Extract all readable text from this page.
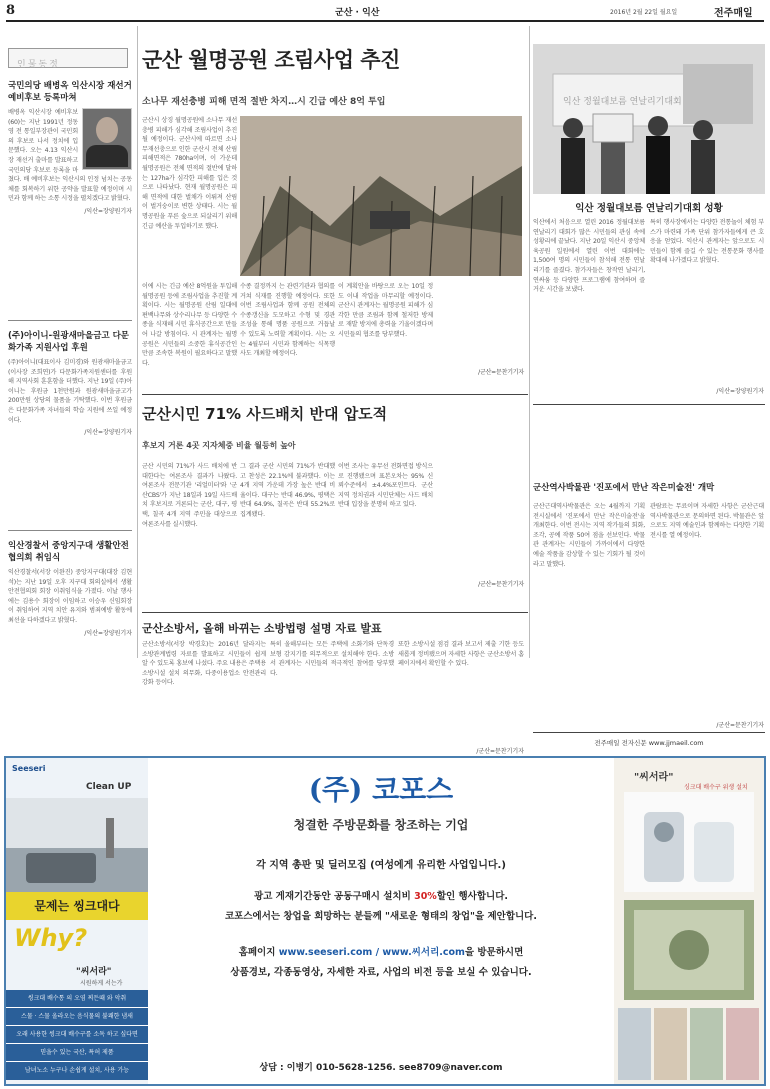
8	군산 · 익산	2016년 2월 22일 월요일	전주매일
인물동정
국민의당 배병옥 익산시장 재선거 예비후보 등록마쳐

배병옥 익산시장 예비후보(60)는 지난 1991년 정동영 전 통일부장관이 국민회의 후보로 나서 정치에 입문했다. 오는 4.13 익산시장 재선거 출마를 발표하고 국민의당 후보로 등록을 마쳤다. 배 예비후보는 익산시의 인정 넘치는 공동체를 회복하기 위한 공약을 발표할 예정이며 시민과 함께 하는 소통 시정을 펼치겠다고 밝혔다.

/익산=장양원기자
(주)아이니-원광새마을금고 다문화가족 지원사업 후원

(주)아이니(대표이사 김미경)와 원광새마을금고(이사장 조희연)가 다문화가족지원센터를 후원해 지역사회 훈훈함을 더했다. 지난 19일 (주)아이니는 후원금 1천만원과 원광새마을금고가 200만원 상당의 물품을 기탁했다. 이번 후원금은 다문화가족 자녀들의 학습 지원에 쓰일 예정이다.

/익산=장양원기자
익산경찰서 중앙지구대 생활안전협의회 취임식

익산경찰서(서장 이완진) 중앙지구대(대장 김현석)는 지난 19일 오후 지구대 회의실에서 생활안전협의회 회장 이취임식을 가졌다. 이날 행사에는 김용수 회장이 이임하고 이승우 신임회장이 취임하여 지역 치안 유지와 범죄예방 활동에 최선을 다하겠다고 밝혔다.

/익산=장양원기자
군산 월명공원 조림사업 추진
소나무 재선충병 피해 면적 절반 차지…시 긴급 예산 8억 투입

군산시 상징 월명공원에 소나무 재선충병 피해가 심각해 조림사업이 추진될 예정이다. 군산시에 따르면 소나무재선충으로 인한 군산시 전체 산림 피해면적은 780ha이며, 이 가운데 월명공원은 전체 면적의 절반에 달하는 127ha가 심각한 피해를 입은 것으로 나타났다. 현재 월명공원은 피해 면적에 대한 벌채가 이뤄져 산림이 벌거숭이로 변한 상태다. 시는 월명공원을 푸른 숲으로 되살리기 위해 긴급 예산을 투입하기로 했다.

이에 시는 긴급 예산 8억원을 투입해 월명공원 등에 조림사업을 추진할 계획이다. 시는 월명공원 산림 일대에 편백나무와 상수리나무 등 다양한 수종을 식재해 시민 휴식공간으로 만들어 나갈 방침이다. 시 관계자는 월명공원은 시민들의 소중한 휴식공간인 만큼 조속한 복원이 필요하다고 말했다.

수종 결정까지 는 관련기관과 협의를 거쳐 식재를 진행할 예정이다. 또한 이번 조림사업과 함께 공원 전체의 수종갱신을 도모하고 수형 및 경관 조성을 통해 명품 공원으로 거듭날 수 있도록 노력할 계획이다. 시는 오는 4월부터 시민과 함께하는 식목행사도 개최할 예정이다.

이 계획안을 바탕으로 오는 10일 정도 이내 작업을 마무리할 예정이다. 군산시 관계자는 월명공원 피해가 심각한 만큼 조림과 함께 철저한 방제로 재발 방지에 총력을 기울이겠다며 시민들의 협조를 당부했다.

/군산=문찬기기자
익산 정월대보름 연날리기대회
익산 정월대보름 연날리기대회 성황

익산에서 처음으로 열린 2016 정월대보름 연날리기 대회가 많은 시민들의 관심 속에 성황리에 끝났다. 지난 20일 익산시 중앙체육공원 일원에서 열린 이번 대회에는 1,500여 명의 시민들이 참석해 전통 연날리기를 즐겼다. 참가자들은 창작연 날리기, 연싸움 등 다양한 프로그램에 참여하며 즐거운 시간을 보냈다.

특히 행사장에서는 다양한 전통놀이 체험 부스가 마련돼 가족 단위 참가자들에게 큰 호응을 얻었다. 익산시 관계자는 앞으로도 시민들이 함께 즐길 수 있는 전통문화 행사를 확대해 나가겠다고 밝혔다.

/익산=장양원기자
군산시민 71% 사드배치 반대 압도적
후보지 거론 4곳 지자체중 비율 월등히 높아

군산 시민의 71%가 사드 배치에 반대한다는 여론조사 결과가 나왔다. 여론조사 전문기관 '리얼미터'와 '군산CBS'가 지난 18일과 19일 사드배치 후보지로 거론되는 군산, 대구, 평택, 칠곡 4개 지역 주민을 대상으로 여론조사를 실시했다.

그 결과 군산 시민의 71%가 반대했고 찬성은 22.1%에 불과했다. 이는 4개 지역 가운데 가장 높은 반대 비율이다. 대구는 반대 46.9%, 평택은 반대 64.9%, 칠곡은 반대 55.2%로 집계됐다.

이번 조사는 유무선 전화면접 방식으로 진행됐으며 표본오차는 95% 신뢰수준에서 ±4.4%포인트다. 군산 지역 정치권과 시민단체는 사드 배치 반대 입장을 분명히 하고 있다.

/군산=문찬기기자
군산소방서, 올해 바뀌는 소방법령 설명 자료 발표

군산소방서(서장 박경호)는 2016년 달라지는 소방관계법령 자료를 발표하고 시민들이 쉽게 알 수 있도록 홍보에 나섰다. 주요 내용은 주택용 소방시설 설치 의무화, 다중이용업소 안전관리 강화 등이다.

특히 올해부터는 모든 주택에 소화기와 단독경보형 감지기를 의무적으로 설치해야 한다. 소방서 관계자는 시민들의 적극적인 참여를 당부했다.

또한 소방시설 점검 결과 보고서 제출 기한 등도 새롭게 정비됐으며 자세한 사항은 군산소방서 홈페이지에서 확인할 수 있다.

/군산=문찬기기자
군산역사박물관 '진포에서 만난 작은미술전' 개막

군산근대역사박물관은 오는 4월까지 기획전시실에서 '진포에서 만난 작은미술전'을 개최한다. 이번 전시는 지역 작가들의 회화, 조각, 공예 작품 50여 점을 선보인다. 박물관 관계자는 시민들이 가까이에서 다양한 예술 작품을 감상할 수 있는 기회가 될 것이라고 말했다.

관람료는 무료이며 자세한 사항은 군산근대역사박물관으로 문의하면 된다. 박물관은 앞으로도 지역 예술인과 함께하는 다양한 기획 전시를 열 예정이다.

/군산=문찬기기자
전주매일 전자신문 www.jjmaeil.com
Seeseri
Clean UP
문제는 씽크대다
Why?
"씨서라"
시원하게 서는가
씽크대 배수통 의 오염 찌든때 와 악취
스물 · 스물 올라오는 음식물의 불쾌한 냄새
오래 사용한 씽크대 배수구를 소독 하고 싶다면
믿을수 있는 국산, 특허 제품
남녀노소 누구나 손쉽게 설치, 사용 가능
(주) 코포스
청결한 주방문화를 창조하는 기업
각 지역 총판 및 딜러모집 (여성에게 유리한 사업입니다.)
광고 게재기간동안 공동구매시 설치비 30%할인 행사합니다.
코포스에서는 창업을 희망하는 분들께 "새로운 형태의 창업"을 제안합니다.
홈페이지 www.seeseri.com / www.씨서리.com을 방문하시면
상품경보, 각종동영상, 자세한 자료, 사업의 비전 등을 보실 수 있습니다.
상담 : 이병기 010-5628-1256. see8709@naver.com
"씨서라"
싱크대 배수구 위생 설치
